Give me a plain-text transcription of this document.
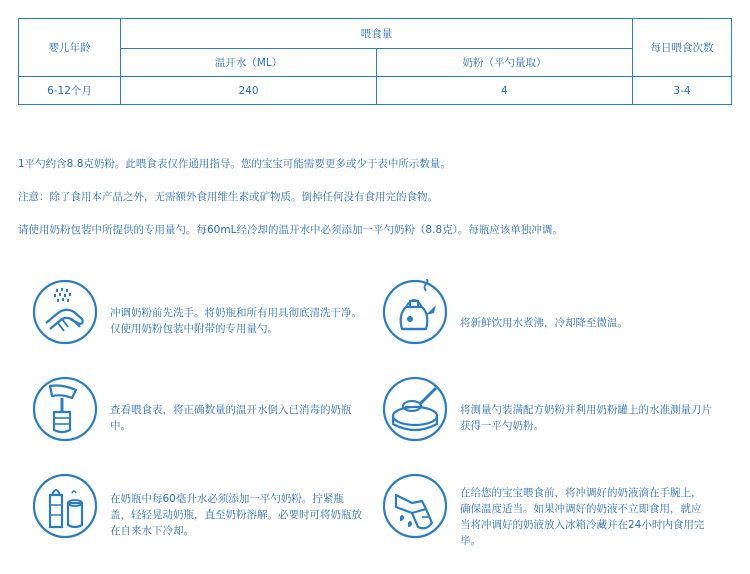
婴儿年龄	喂食量		每日喂食次数
	温开水（ML）	奶粉（平勺量取）	
6-12个月	240	4	3-4
1平勺约含8.8克奶粉。此喂食表仅作通用指导。您的宝宝可能需要更多或少于表中所示数量。
注意：除了食用本产品之外，无需额外食用维生素或矿物质。倒掉任何没有食用完的食物。
请使用奶粉包装中所提供的专用量勺。每60mL经冷却的温开水中必须添加一平勺奶粉（8.8克）。每瓶应该单独冲调。
冲调奶粉前先洗手。将奶瓶和所有用具彻底清洗干净。仅使用奶粉包装中附带的专用量勺。	将新鲜饮用水煮沸，冷却降至微温。
查看喂食表，将正确数量的温开水倒入已消毒的奶瓶中。
将测量勺装满配方奶粉并利用奶粉罐上的水准测量刀片获得一平勺奶粉。
在奶瓶中每60毫升水必须添加一平勺奶粉。拧紧瓶盖，轻轻晃动奶瓶，直至奶粉溶解。必要时可将奶瓶放在自来水下冷却。
在给您的宝宝喂食前，将冲调好的奶液滴在手腕上，确保温度适当。如果冲调好的奶液不立即食用，就应当将冲调好的奶液放入冰箱冷藏并在24小时内食用完毕。
